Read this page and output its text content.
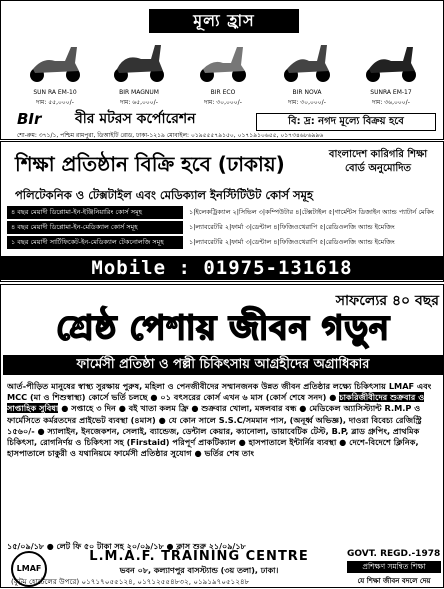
মূল্য হ্রাস
SUN RA EM-10
দাম: ৫৫,০০০/-
BIR MAGNUM
দাম: ৬৫,০০০/-
BIR ECO
দাম: ৩০,০০০/-
BIR NOVA
দাম: ৩০,০০০/-
SUNRA EM-17
দাম: ৩৬,০০০/-
BIr	বীর মটরস কর্পোরেশন	বি: দ্র: নগদ মূল্যে বিক্রয় হবে
শো-রুম: ৩৭১/১, পশ্চিম রামপুরা, ডিআইটি রোড, ঢাকা-১২১৯ মোবাইল: ০১৯৫৫৫৭৯১৫০, ০১৭১৯১০৬৫৫, ০১৭৩৪৬৮৬৯৯৬
শিক্ষা প্রতিষ্ঠান বিক্রি হবে (ঢাকায়)	বাংলাদেশ কারিগরি শিক্ষা বোর্ড অনুমোদিত
পলিটেকনিক ও টেক্সটাইল এবং মেডিক্যাল ইনস্টিটিউট কোর্স সমূহ
৪ বছর মেয়াদী ডিপ্লোমা-ইন-ইঞ্জিনিয়ারিং কোর্স সমূহ	১|ইলেকট্রিক্যাল ২|সিভিল ৩|কম্পিউটার ৪|টেক্সটাইল ৫|গার্মেন্টস ডিজাইন অ্যান্ড প্যাটার্ন মেকিং
৪ বছর মেয়াদী ডিপ্লোমা-ইন-মেডিক্যাল কোর্স সমূহ	১|ল্যাবরেটরি ২|ফার্মা ৩|ডেন্টাল ৪|ফিজিওথেরাপি ৫|রেডিওলজি অ্যান্ড ইমেজিং
১ বছর মেয়াদী সার্টিফিকেট-ইন-মেডিক্যাল টেকনোলজি সমূহ	১|ল্যাবরেটরি ২|ফার্মা ৩|ডেন্টাল ৪|ফিজিওথেরাপি ৫|রেডিওলজি অ্যান্ড ইমেজিং
Mobile : 01975-131618
সাফল্যের ৪০ বছর
শ্রেষ্ঠ পেশায় জীবন গড়ুন
ফার্মেসী প্রতিষ্ঠা ও পল্লী চিকিৎসায় আগ্রহীদের অগ্রাধিকার
আর্ত-পীড়িত মানুষের স্বাস্থ্য সুরক্ষায় পুরুষ, মহিলা ও পেনজীবীদের সম্মানজনক উন্নত জীবন প্রতিষ্ঠার লক্ষ্যে চিকিৎসায় LMAF এবং MCC (মা ও শিশুস্বাস্থ্য) কোর্সে ভর্তি চলছে ● ০১ বৎসরের কোর্স এখন ৬ মাস (কোর্স শেষে সনদ) ● চাকরিজীবীদের শুক্রবার ও সাপ্তাহিক সুবিধা ● সপ্তাহে ৩ দিন ● বই খাতা কলম ফ্রি ● শুক্রবার খোলা, মঙ্গলবার বন্ধ ● মেডিকেল অ্যাসিস্ট্যান্ট R.M.P ও ফার্মেসিতে কর্মরতদের প্রাইভেট ব্যবস্থা (৪মাস) ● যে কোন সালে S.S.C/সমমান পাস, (অনূর্ধ্ব অভিজ্ঞ), দাওরা বিবেচ্য রেজিস্ট্রি ১৫৬০/- ● স্যালাইন, ইনজেকশন, সেলাই, ব্যান্ডেজ, ডেন্টাল কেয়ার, ক্যানোলা, ডায়াবেটিক টেস্ট, B.P, ব্লাড গ্রুপিং, প্রাথমিক চিকিৎসা, রোগনির্ণয় ও চিকিৎসা সহ (Firstaid) পরিপূর্ণ প্রাকটিক্যাল ● হাসপাতালে ইন্টার্নির ব্যবস্থা ● দেশে-বিদেশে ক্লিনিক, হাসপাতালে চাকুরী ও যথানিয়মে ফার্মেসী প্রতিষ্ঠার সুযোগ ● ভর্তির শেষ তাং
১৫/০৯/১৮ ● লেট ফি ৫০ টাকা সহ ২০/০৯/১৮ ● ক্লাস শুরু ২১/০৯/১৮
LMAF
L.M.A.F. TRAINING CENTRE
ভবন ০৮, কল্যাণপুর বাসস্ট্যান্ড (৩য় তলা), ঢাকা।
(কুটুম হোটেলের উপরে) ০১৭১৭০৫৫১২৪, ০১৭১২৫৫৪৮৩২, ০১৯১৯৭০৫১২৪৮
GOVT. REGD.-1978
প্রশিক্ষণ সমন্বিত শিক্ষা
যে শিক্ষা জীবন বদলে দেয়
